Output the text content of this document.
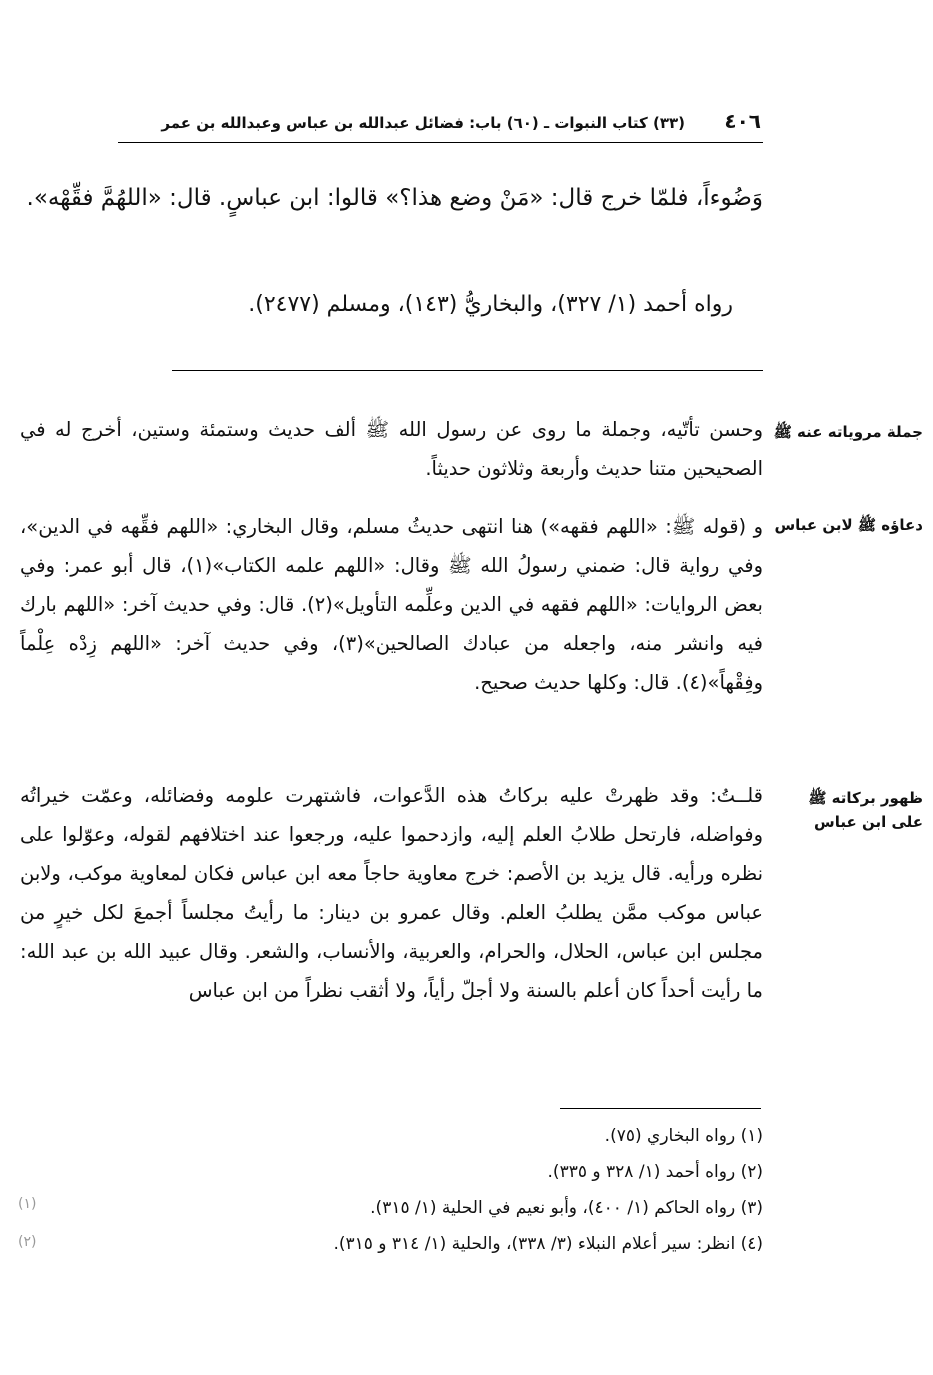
٤٠٦
(٣٣) كتاب النبوات ـ (٦٠) باب: فضائل عبدالله بن عباس وعبدالله بن عمر
وَضُوءاً، فلمّا خرج قال: «مَنْ وضع هذا؟» قالوا: ابن عباسٍ. قال: «اللهُمَّ فقِّهْه».
رواه أحمد (١/ ٣٢٧)، والبخاريُّ (١٤٣)، ومسلم (٢٤٧٧).
جملة مروياته عنه ﷺ
وحسن تأتّيه، وجملة ما روى عن رسول الله ﷺ ألف حديث وستمئة وستين، أخرج له في الصحيحين متنا حديث وأربعة وثلاثون حديثاً.
دعاؤه ﷺ لابن عباس
و (قوله ﷺ: «اللهم فقهه») هنا انتهى حديثُ مسلم، وقال البخاري: «اللهم فقِّهه في الدين»، وفي رواية قال: ضمني رسولُ الله ﷺ وقال: «اللهم علمه الكتاب»(١)، قال أبو عمر: وفي بعض الروايات: «اللهم فقهه في الدين وعلِّمه التأويل»(٢). قال: وفي حديث آخر: «اللهم بارك فيه وانشر منه، واجعله من عبادك الصالحين»(٣)، وفي حديث آخر: «اللهم زِدْه عِلْماً وفِقْهاً»(٤). قال: وكلها حديث صحيح.
ظهور بركاته ﷺ على ابن عباس
قلــتُ: وقد ظهرتْ عليه بركاتُ هذه الدَّعوات، فاشتهرت علومه وفضائله، وعمّت خيراتُه وفواضله، فارتحل طلابُ العلم إليه، وازدحموا عليه، ورجعوا عند اختلافهم لقوله، وعوّلوا على نظره ورأيه. قال يزيد بن الأصم: خرج معاوية حاجاً معه ابن عباس فكان لمعاوية موكب، ولابن عباس موكب ممَّن يطلبُ العلم. وقال عمرو بن دينار: ما رأيتُ مجلساً أجمعَ لكل خيرٍ من مجلس ابن عباس، الحلال، والحرام، والعربية، والأنساب، والشعر. وقال عبيد الله بن عبد الله: ما رأيت أحداً كان أعلم بالسنة ولا أجلّ رأياً، ولا أثقب نظراً من ابن عباس
(١) رواه البخاري (٧٥).
(٢) رواه أحمد (١/ ٣٢٨ و ٣٣٥).
(٣) رواه الحاكم (١/ ٤٠٠)، وأبو نعيم في الحلية (١/ ٣١٥).
(٤) انظر: سير أعلام النبلاء (٣/ ٣٣٨)، والحلية (١/ ٣١٤ و ٣١٥).
(١)
(٢)
